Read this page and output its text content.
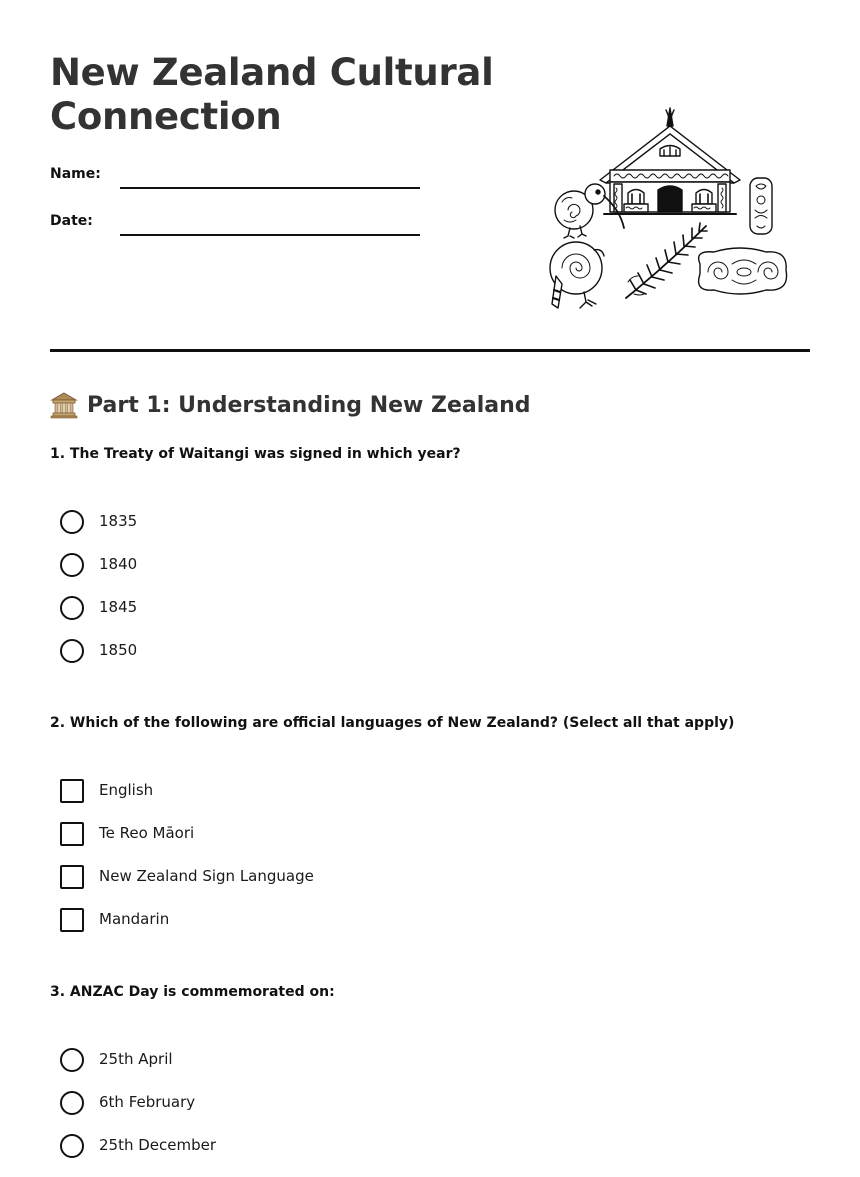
New Zealand Cultural Connection
Name:
Date:
Part 1: Understanding New Zealand

1. The Treaty of Waitangi was signed in which year?

1835
1840
1845
1850

2. Which of the following are official languages of New Zealand? (Select all that apply)

English
Te Reo Māori
New Zealand Sign Language
Mandarin

3. ANZAC Day is commemorated on:

25th April
6th February
25th December
